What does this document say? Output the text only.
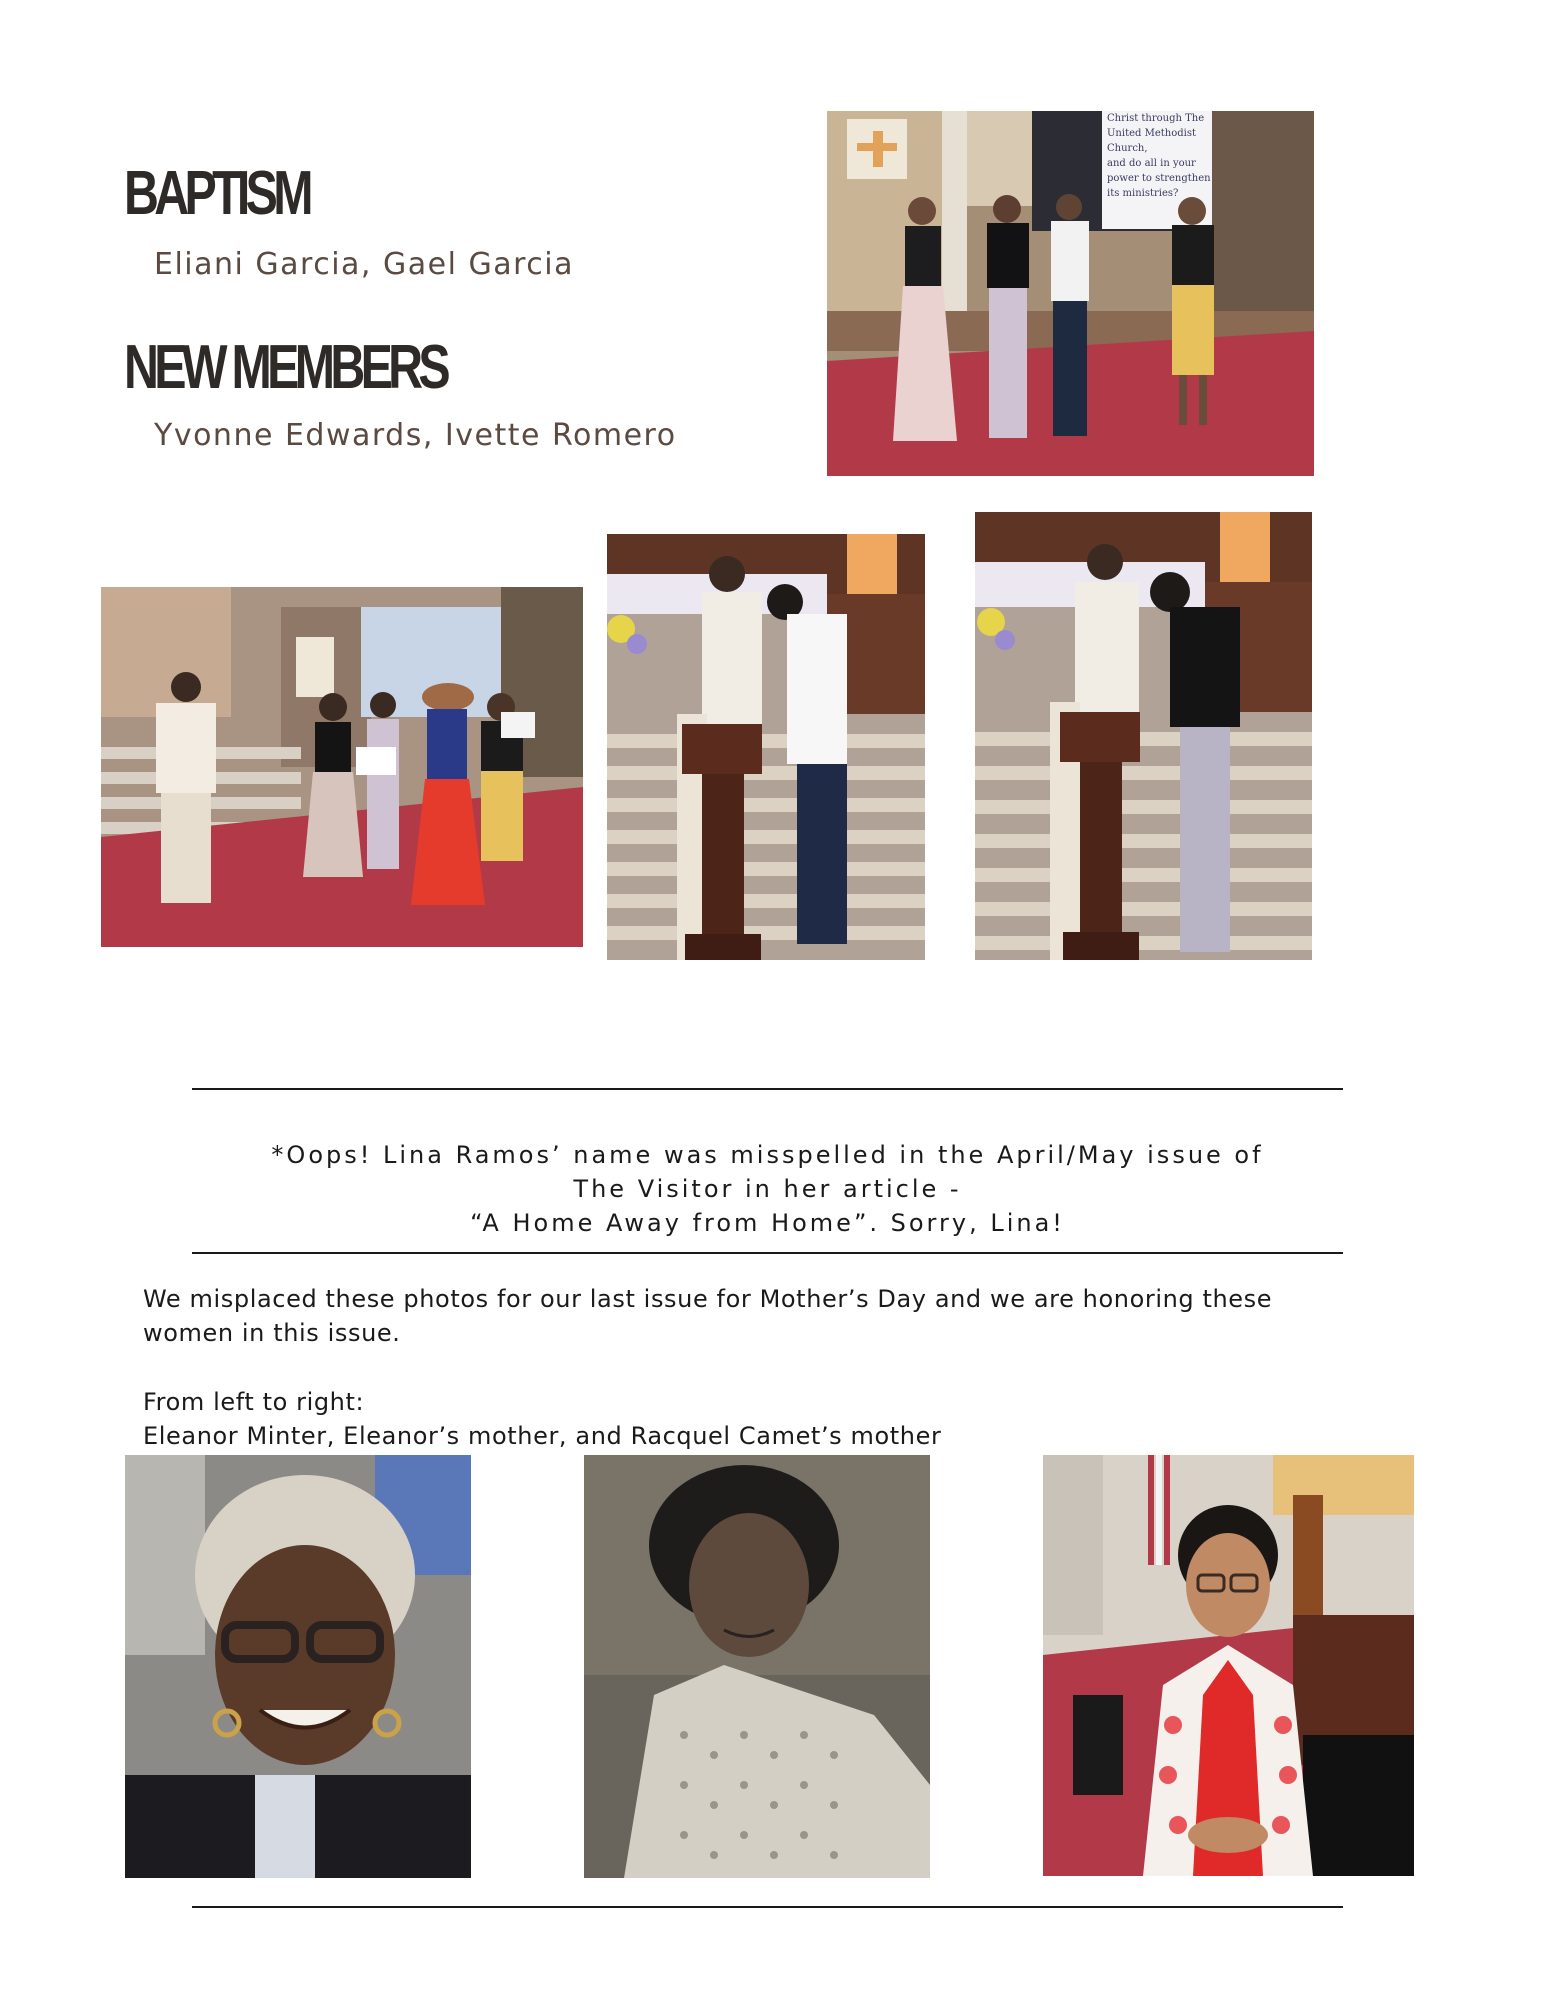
BAPTISM
Eliani Garcia, Gael Garcia
NEW MEMBERS
Yvonne Edwards, Ivette Romero
Christ through The
United Methodist
Church,
and do all in your
power to strengthen
its ministries?
*Oops! Lina Ramos’ name was misspelled in the April/May issue of
The Visitor in her article -
“A Home Away from Home”. Sorry, Lina!
We misplaced these photos for our last issue for Mother’s Day and we are honoring these
women in this issue.
From left to right:
Eleanor Minter, Eleanor’s mother, and Racquel Camet’s mother
